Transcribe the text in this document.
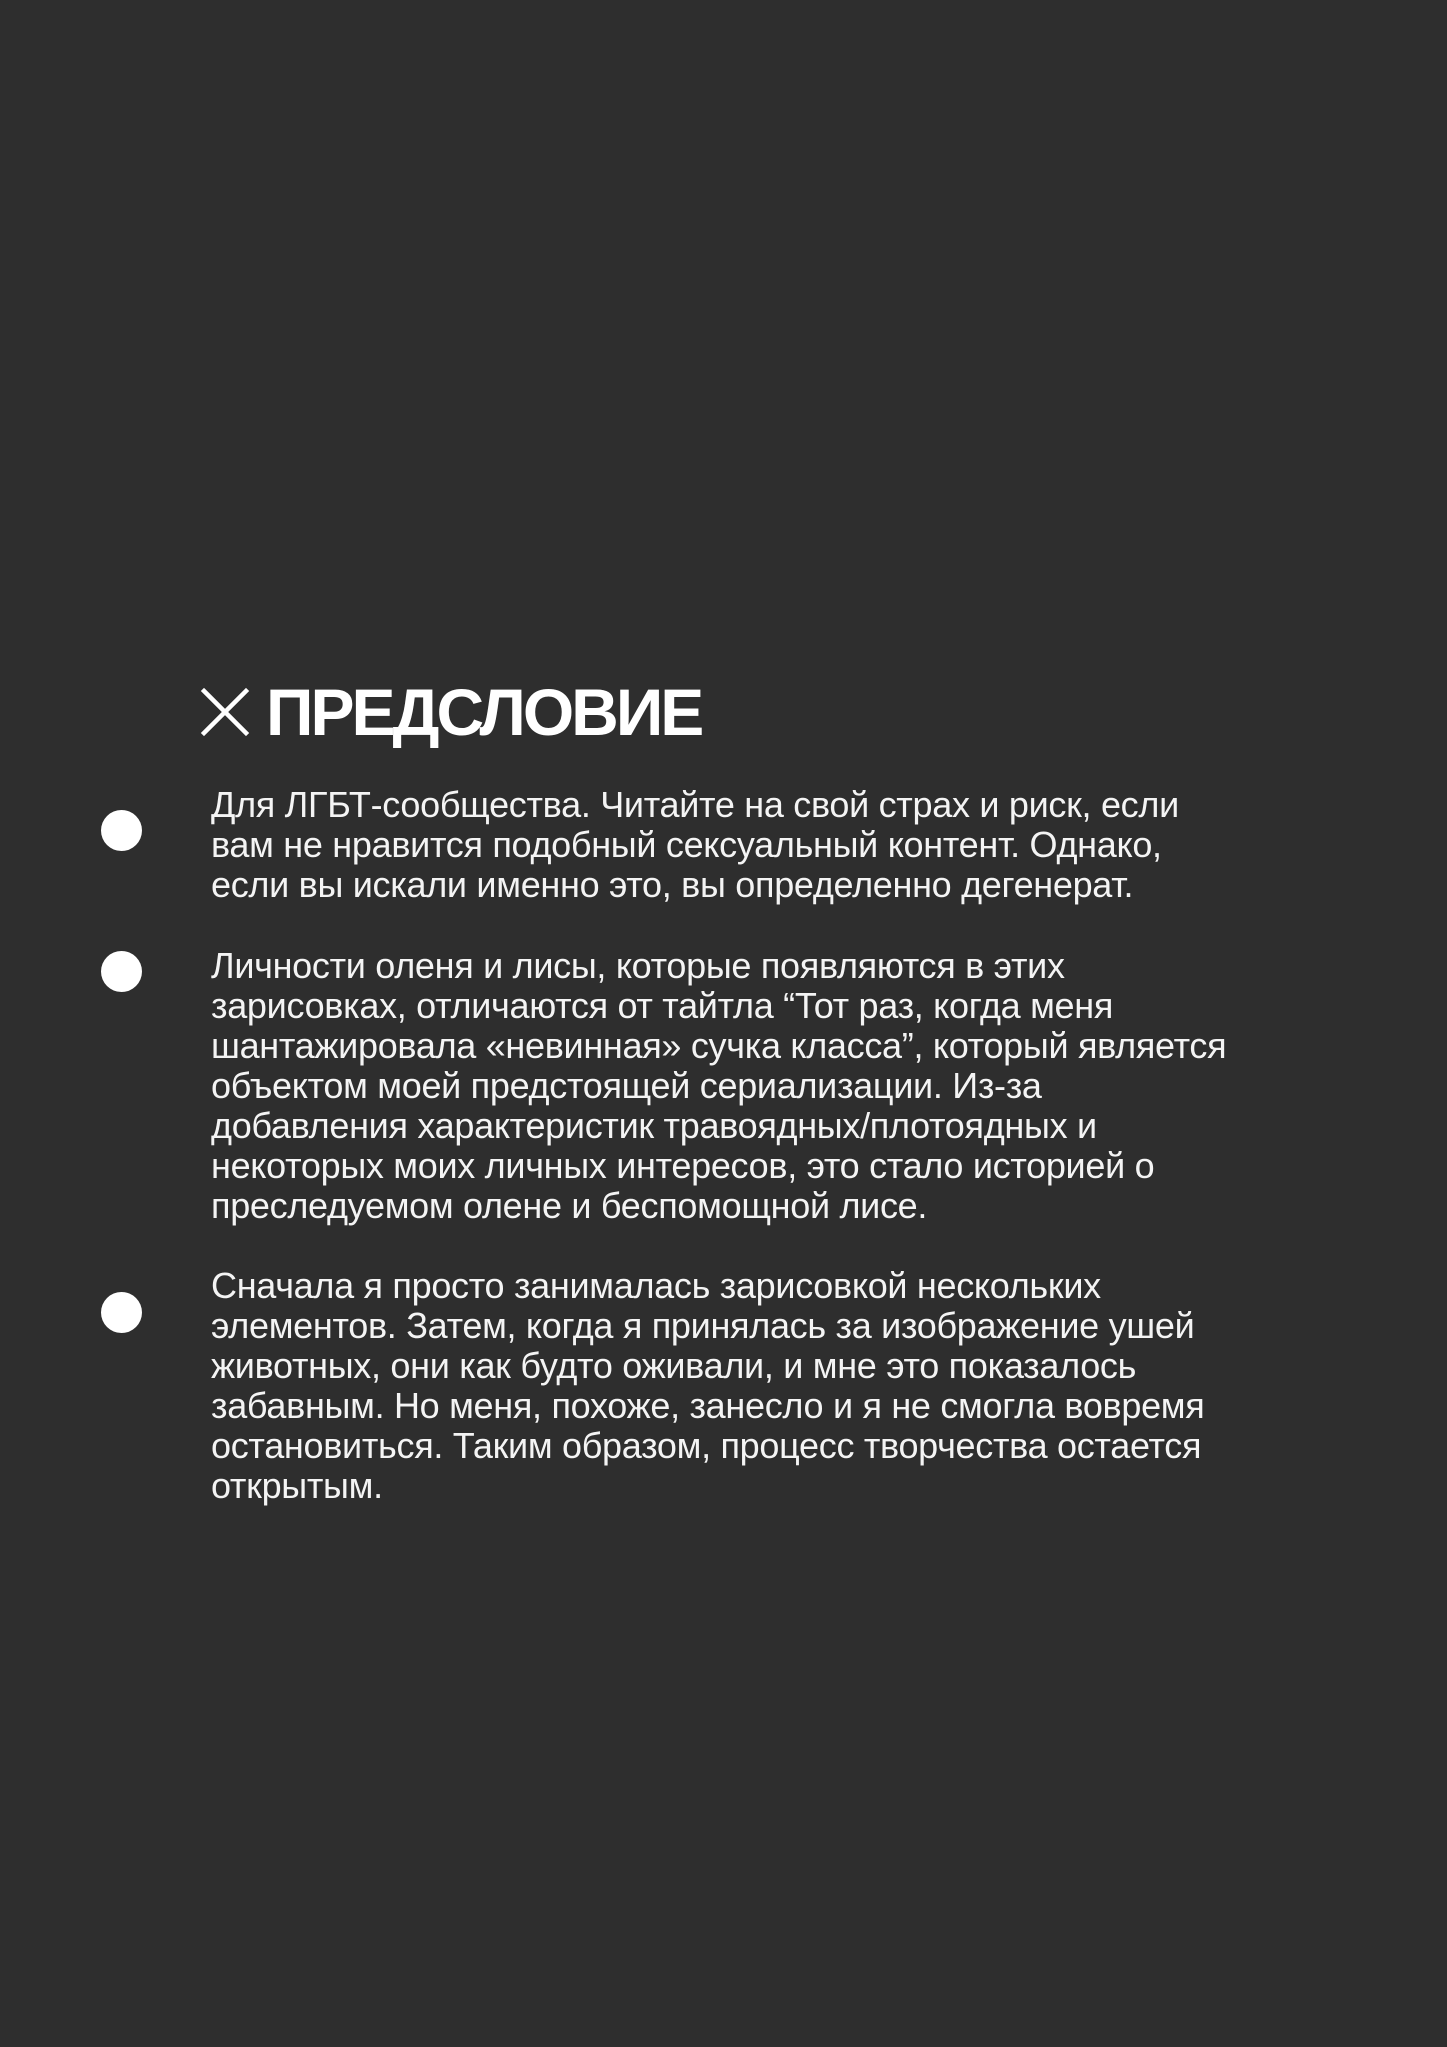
ПРЕДСЛОВИЕ
Для ЛГБТ-сообщества. Читайте на свой страх и риск, если
вам не нравится подобный сексуальный контент. Однако,
если вы искали именно это, вы определенно дегенерат.
Личности оленя и лисы, которые появляются в этих
зарисовках, отличаются от тайтла “Тот раз, когда меня
шантажировала «невинная» сучка класса”, который является
объектом моей предстоящей сериализации. Из-за
добавления характеристик травоядных/плотоядных и
некоторых моих личных интересов, это стало историей о
преследуемом олене и беспомощной лисе.
Сначала я просто занималась зарисовкой нескольких
элементов. Затем, когда я принялась за изображение ушей
животных, они как будто оживали, и мне это показалось
забавным. Но меня, похоже, занесло и я не смогла вовремя
остановиться. Таким образом, процесс творчества остается
открытым.
